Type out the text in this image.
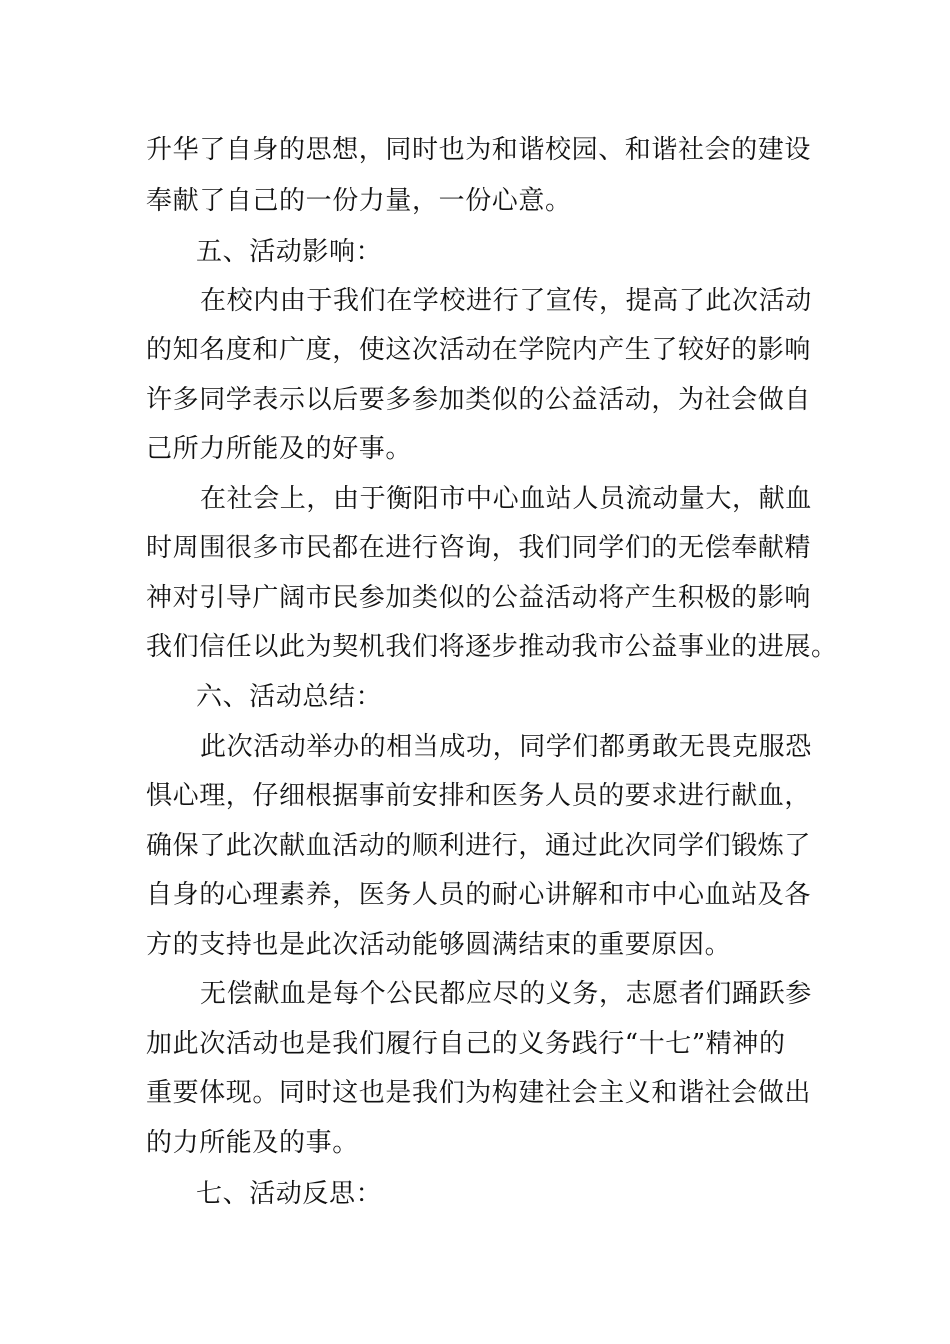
升华了自身的思想，同时也为和谐校园、和谐社会的建设
奉献了自己的一份力量，一份心意。
五、活动影响：
在校内由于我们在学校进行了宣传，提高了此次活动
的知名度和广度，使这次活动在学院内产生了较好的影响
许多同学表示以后要多参加类似的公益活动，为社会做自
己所力所能及的好事。
在社会上，由于衡阳市中心血站人员流动量大，献血
时周围很多市民都在进行咨询，我们同学们的无偿奉献精
神对引导广阔市民参加类似的公益活动将产生积极的影响
我们信任以此为契机我们将逐步推动我市公益事业的进展。
六、活动总结：
此次活动举办的相当成功，同学们都勇敢无畏克服恐
惧心理，仔细根据事前安排和医务人员的要求进行献血，
确保了此次献血活动的顺利进行，通过此次同学们锻炼了
自身的心理素养，医务人员的耐心讲解和市中心血站及各
方的支持也是此次活动能够圆满结束的重要原因。
无偿献血是每个公民都应尽的义务，志愿者们踊跃参
加此次活动也是我们履行自己的义务践行“十七”精神的
重要体现。同时这也是我们为构建社会主义和谐社会做出
的力所能及的事。
七、活动反思：
